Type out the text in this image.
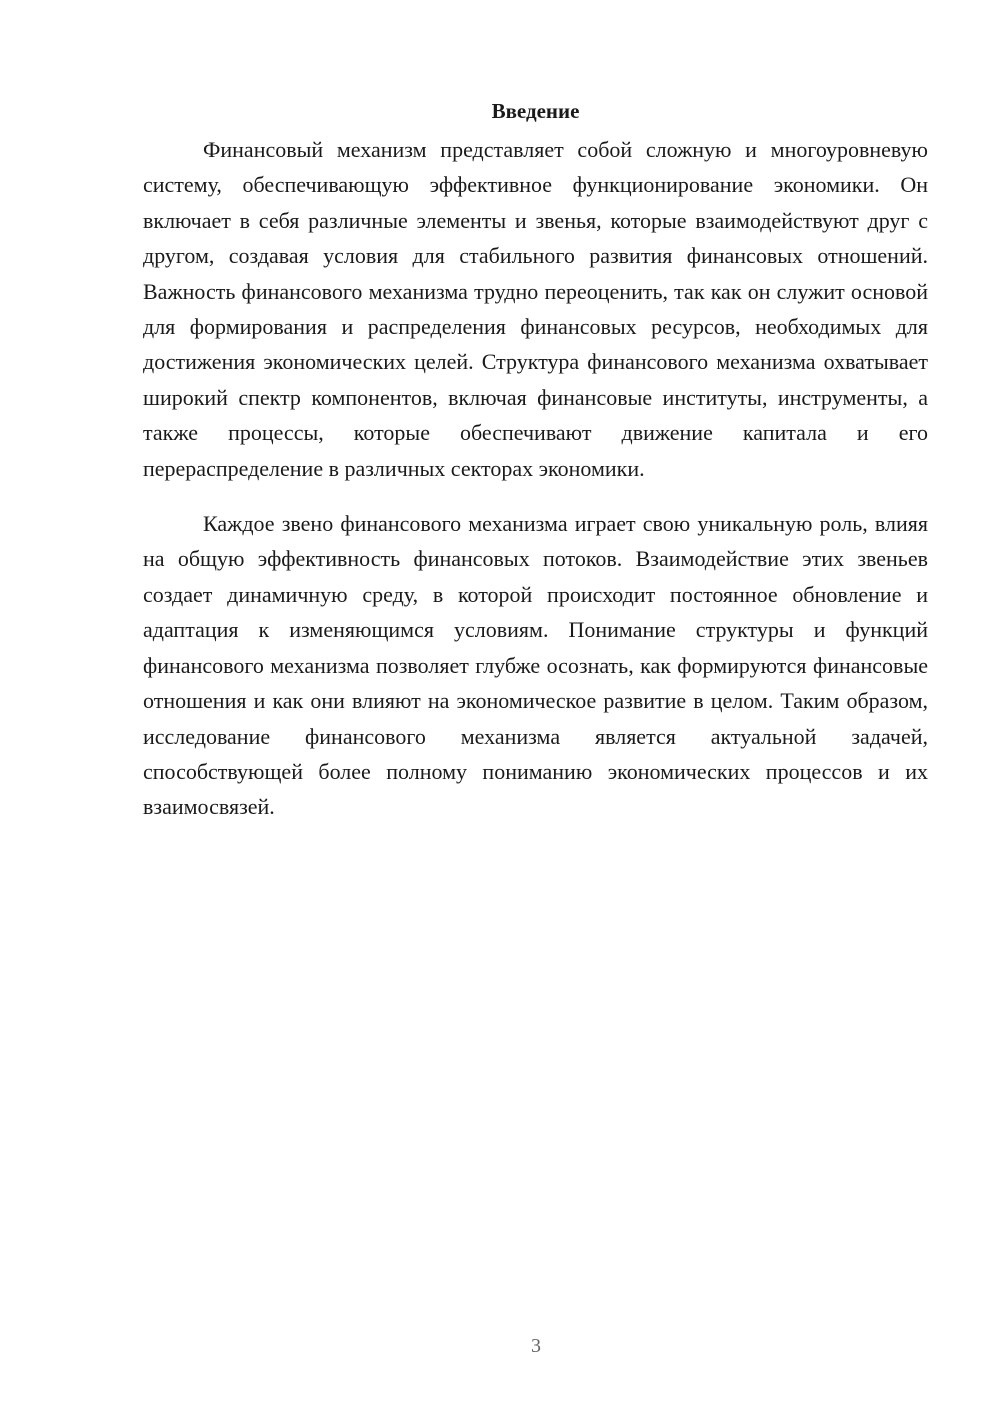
Введение

Финансовый механизм представляет собой сложную и многоуровневую систему, обеспечивающую эффективное функционирование экономики. Он включает в себя различные элементы и звенья, которые взаимодействуют друг с другом, создавая условия для стабильного развития финансовых отношений. Важность финансового механизма трудно переоценить, так как он служит основой для формирования и распределения финансовых ресурсов, необходимых для достижения экономических целей. Структура финансового механизма охватывает широкий спектр компонентов, включая финансовые институты, инструменты, а также процессы, которые обеспечивают движение капитала и его перераспределение в различных секторах экономики.

Каждое звено финансового механизма играет свою уникальную роль, влияя на общую эффективность финансовых потоков. Взаимодействие этих звеньев создает динамичную среду, в которой происходит постоянное обновление и адаптация к изменяющимся условиям. Понимание структуры и функций финансового механизма позволяет глубже осознать, как формируются финансовые отношения и как они влияют на экономическое развитие в целом. Таким образом, исследование финансового механизма является актуальной задачей, способствующей более полному пониманию экономических процессов и их взаимосвязей.

3
